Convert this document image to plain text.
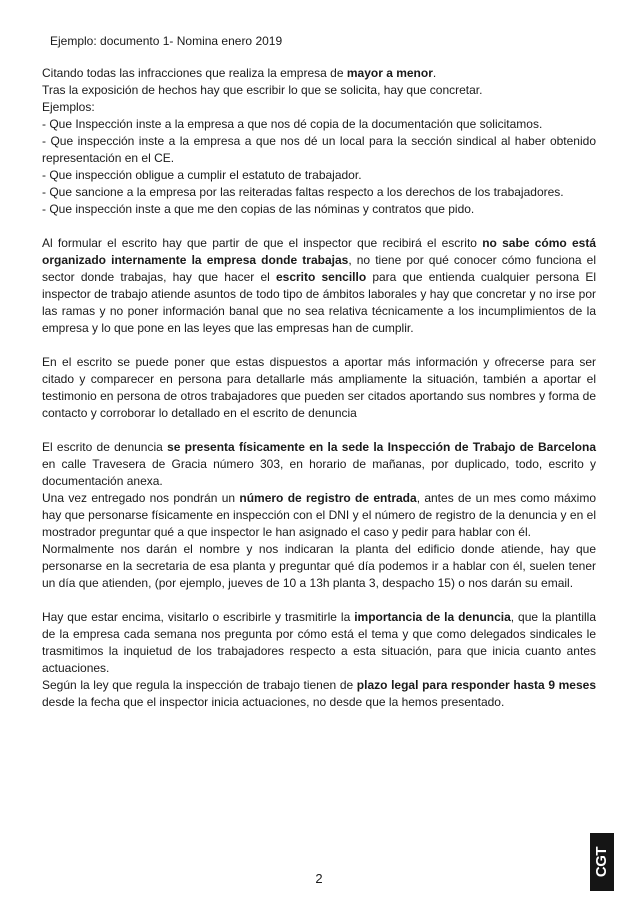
Ejemplo: documento 1- Nomina enero 2019

Citando todas las infracciones que realiza la empresa de mayor a menor.

Tras la exposición de hechos hay que escribir lo que se solicita, hay que concretar.

Ejemplos:

- Que Inspección inste a la empresa a que nos dé copia de la documentación que solicitamos.

- Que inspección inste a la empresa a que nos dé un local para la sección sindical al haber obtenido representación en el CE.

- Que inspección obligue a cumplir el estatuto de trabajador.

- Que sancione a la empresa por las reiteradas faltas respecto a los derechos de los trabajadores.

- Que inspección inste a que me den copias de las nóminas y contratos que pido.

Al formular el escrito hay que partir de que el inspector que recibirá el escrito no sabe cómo está organizado internamente la empresa donde trabajas, no tiene por qué conocer cómo funciona el sector donde trabajas, hay que hacer el escrito sencillo para que entienda cualquier persona El inspector de trabajo atiende asuntos de todo tipo de ámbitos laborales y hay que concretar y no irse por las ramas y no poner información banal que no sea relativa técnicamente a los incumplimientos de la empresa y lo que pone en las leyes que las empresas han de cumplir.

En el escrito se puede poner que estas dispuestos a aportar más información y ofrecerse para ser citado y comparecer en persona para detallarle más ampliamente la situación, también a aportar el testimonio en persona de otros trabajadores que pueden ser citados aportando sus nombres y forma de contacto y corroborar lo detallado en el escrito de denuncia

El escrito de denuncia se presenta físicamente en la sede la Inspección de Trabajo de Barcelona en calle Travesera de Gracia número 303, en horario de mañanas, por duplicado, todo, escrito y documentación anexa.

Una vez entregado nos pondrán un número de registro de entrada, antes de un mes como máximo hay que personarse físicamente en inspección con el DNI y el número de registro de la denuncia y en el mostrador preguntar qué a que inspector le han asignado el caso y pedir para hablar con él.

Normalmente nos darán el nombre y nos indicaran la planta del edificio donde atiende, hay que personarse en la secretaria de esa planta y preguntar qué día podemos ir a hablar con él, suelen tener un día que atienden, (por ejemplo, jueves de 10 a 13h planta 3, despacho 15) o nos darán su email.

Hay que estar encima, visitarlo o escribirle y trasmitirle la importancia de la denuncia, que la plantilla de la empresa cada semana nos pregunta por cómo está el tema y que como delegados sindicales le trasmitimos la inquietud de los trabajadores respecto a esta situación, para que inicia cuanto antes actuaciones.

Según la ley que regula la inspección de trabajo tienen de plazo legal para responder hasta 9 meses desde la fecha que el inspector inicia actuaciones, no desde que la hemos presentado.

2
CGT
